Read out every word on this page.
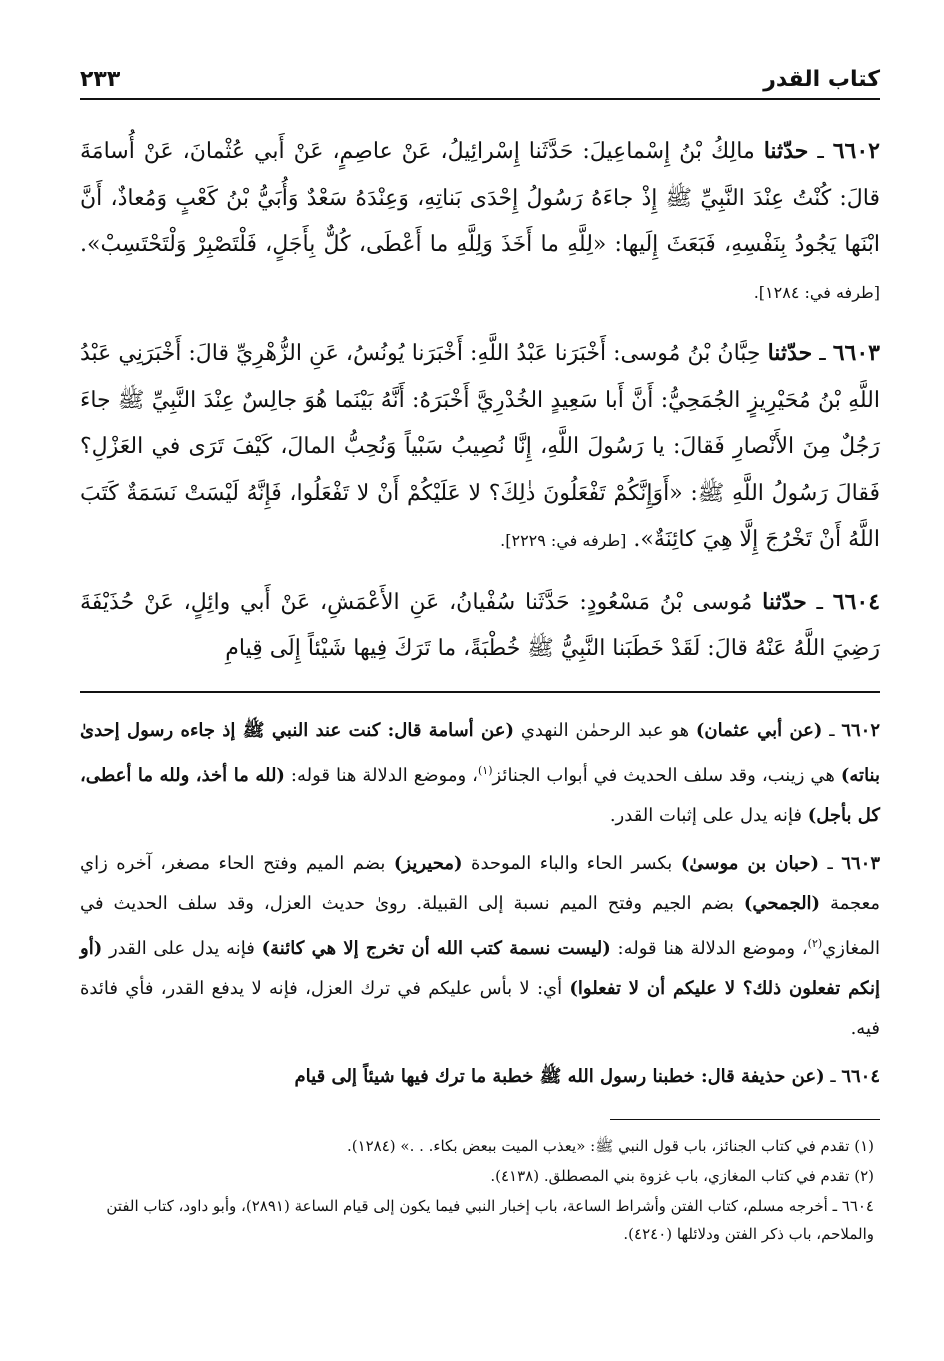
كتاب القدر
٢٣٣

٦٦٠٢ ـ حدّثنا مالِكُ بْنُ إِسْماعِيلَ: حَدَّثَنا إِسْرائِيلُ، عَنْ عاصِمٍ، عَنْ أَبي عُثْمانَ، عَنْ أُسامَةَ قالَ: كُنْتُ عِنْدَ النَّبِيِّ ﷺ إِذْ جاءَهُ رَسُولُ إِحْدَى بَناتِهِ، وَعِنْدَهُ سَعْدٌ وَأُبَيُّ بْنُ كَعْبٍ وَمُعاذٌ، أَنَّ ابْنَها يَجُودُ بِنَفْسِهِ، فَبَعَثَ إِلَيها: «لِلَّهِ ما أَخَذَ وَلِلَّهِ ما أَعْطَى، كُلٌّ بِأَجَلٍ، فَلْتَصْبِرْ وَلْتَحْتَسِبْ». [طرفه في: ١٢٨٤].

٦٦٠٣ ـ حدّثنا حِبَّانُ بْنُ مُوسى: أَخْبَرَنا عَبْدُ اللَّهِ: أَخْبَرَنا يُونُسُ، عَنِ الزُّهْرِيِّ قالَ: أَخْبَرَنِي عَبْدُ اللَّهِ بْنُ مُحَيْرِيزٍ الجُمَحِيُّ: أَنَّ أَبا سَعِيدٍ الخُدْرِيَّ أَخْبَرَهُ: أَنَّهُ بَيْنَما هُوَ جالِسٌ عِنْدَ النَّبِيِّ ﷺ جاءَ رَجُلٌ مِنَ الأَنْصارِ فَقالَ: يا رَسُولَ اللَّهِ، إِنَّا نُصِيبُ سَبْياً وَنُحِبُّ المالَ، كَيْفَ تَرَى في العَزْلِ؟ فَقالَ رَسُولُ اللَّهِ ﷺ: «أَوَإِنَّكُمْ تَفْعَلُونَ ذٰلِكَ؟ لا عَلَيْكُمْ أَنْ لا تَفْعَلُوا، فَإِنَّهُ لَيْسَتْ نَسَمَةٌ كَتَبَ اللَّهُ أَنْ تَخْرُجَ إِلَّا هِيَ كائِنَةٌ». [طرفه في: ٢٢٢٩].

٦٦٠٤ ـ حدّثنا مُوسى بْنُ مَسْعُودٍ: حَدَّثَنا سُفْيانُ، عَنِ الأَعْمَشِ، عَنْ أَبي وائِلٍ، عَنْ حُذَيْفَةَ رَضِيَ اللَّهُ عَنْهُ قالَ: لَقَدْ خَطَبَنا النَّبِيُّ ﷺ خُطْبَةً، ما تَرَكَ فِيها شَيْئاً إِلَى قِيامِ

٦٦٠٢ ـ (عن أبي عثمان) هو عبد الرحمٰن النهدي (عن أسامة قال: كنت عند النبي ﷺ إذ جاءه رسول إحدىٰ بناته) هي زينب، وقد سلف الحديث في أبواب الجنائز$^{(١)}$، وموضع الدلالة هنا قوله: (لله ما أخذ، ولله ما أعطى، كل بأجل) فإنه يدل على إثبات القدر.

٦٦٠٣ ـ (حبان بن موسىٰ) بكسر الحاء والباء الموحدة (محيريز) بضم الميم وفتح الحاء مصغر، آخره زاي معجمة (الجمحي) بضم الجيم وفتح الميم نسبة إلى القبيلة. روىٰ حديث العزل، وقد سلف الحديث في المغازي$^{(٢)}$، وموضع الدلالة هنا قوله: (ليست نسمة كتب الله أن تخرج إلا هي كائنة) فإنه يدل على القدر (أو إنكم تفعلون ذلك؟ لا عليكم أن لا تفعلوا) أي: لا بأس عليكم في ترك العزل، فإنه لا يدفع القدر، فأي فائدة فيه.

٦٦٠٤ ـ (عن حذيفة قال: خطبنا رسول الله ﷺ خطبة ما ترك فيها شيئاً إلى قيام

(١) تقدم في كتاب الجنائز، باب قول النبي ﷺ: «يعذب الميت ببعض بكاء. . .» (١٢٨٤).
(٢) تقدم في كتاب المغازي، باب غزوة بني المصطلق. (٤١٣٨).
٦٦٠٤ ـ أخرجه مسلم، كتاب الفتن وأشراط الساعة، باب إخبار النبي فيما يكون إلى قيام الساعة (٢٨٩١)، وأبو داود، كتاب الفتن والملاحم، باب ذكر الفتن ودلائلها (٤٢٤٠).
